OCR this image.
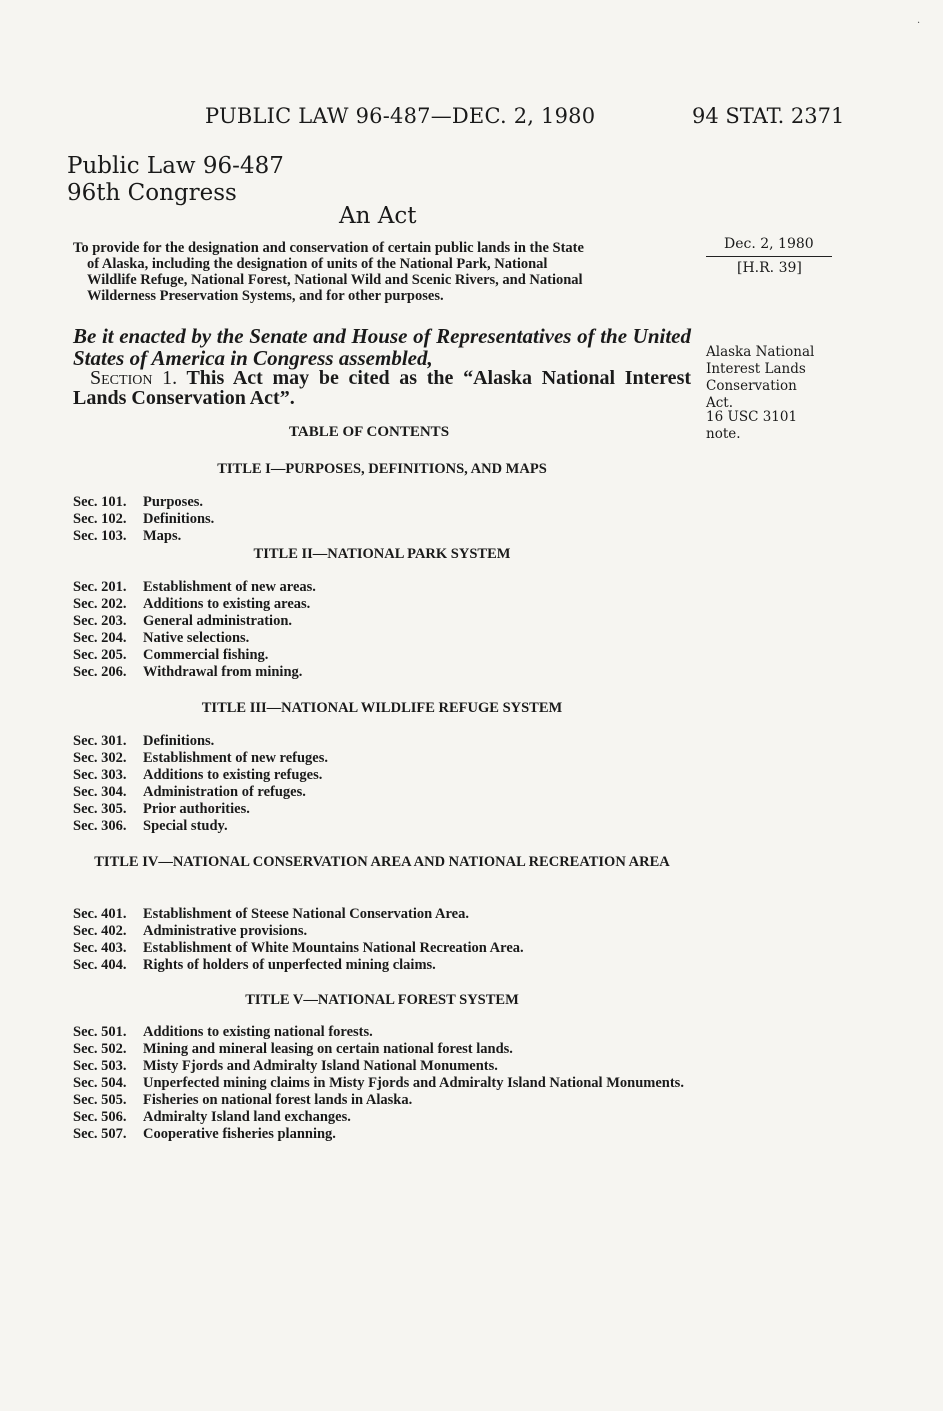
·
PUBLIC LAW 96-487—DEC. 2, 1980	94 STAT. 2371
Public Law 96-487
96th Congress
An Act
To provide for the designation and conservation of certain public lands in the State
of Alaska, including the designation of units of the National Park, National
Wildlife Refuge, National Forest, National Wild and Scenic Rivers, and National
Wilderness Preservation Systems, and for other purposes.
Dec. 2, 1980
[H.R. 39]
Be it enacted by the Senate and House of Representatives of the United States of America in Congress assembled,
Section 1. This Act may be cited as the “Alaska National Interest Lands Conservation Act”.
Alaska National
Interest Lands
Conservation
Act.
16 USC 3101
note.
TABLE OF CONTENTS
TITLE I—PURPOSES, DEFINITIONS, AND MAPS
Sec. 101.	Purposes.
Sec. 102.	Definitions.
Sec. 103.	Maps.
TITLE II—NATIONAL PARK SYSTEM
Sec. 201.	Establishment of new areas.
Sec. 202.	Additions to existing areas.
Sec. 203.	General administration.
Sec. 204.	Native selections.
Sec. 205.	Commercial fishing.
Sec. 206.	Withdrawal from mining.
TITLE III—NATIONAL WILDLIFE REFUGE SYSTEM
Sec. 301.	Definitions.
Sec. 302.	Establishment of new refuges.
Sec. 303.	Additions to existing refuges.
Sec. 304.	Administration of refuges.
Sec. 305.	Prior authorities.
Sec. 306.	Special study.
TITLE IV—NATIONAL CONSERVATION AREA AND NATIONAL RECREATION AREA
Sec. 401.	Establishment of Steese National Conservation Area.
Sec. 402.	Administrative provisions.
Sec. 403.	Establishment of White Mountains National Recreation Area.
Sec. 404.	Rights of holders of unperfected mining claims.
TITLE V—NATIONAL FOREST SYSTEM
Sec. 501.	Additions to existing national forests.
Sec. 502.	Mining and mineral leasing on certain national forest lands.
Sec. 503.	Misty Fjords and Admiralty Island National Monuments.
Sec. 504.	Unperfected mining claims in Misty Fjords and Admiralty Island National Monuments.
Sec. 505.	Fisheries on national forest lands in Alaska.
Sec. 506.	Admiralty Island land exchanges.
Sec. 507.	Cooperative fisheries planning.
